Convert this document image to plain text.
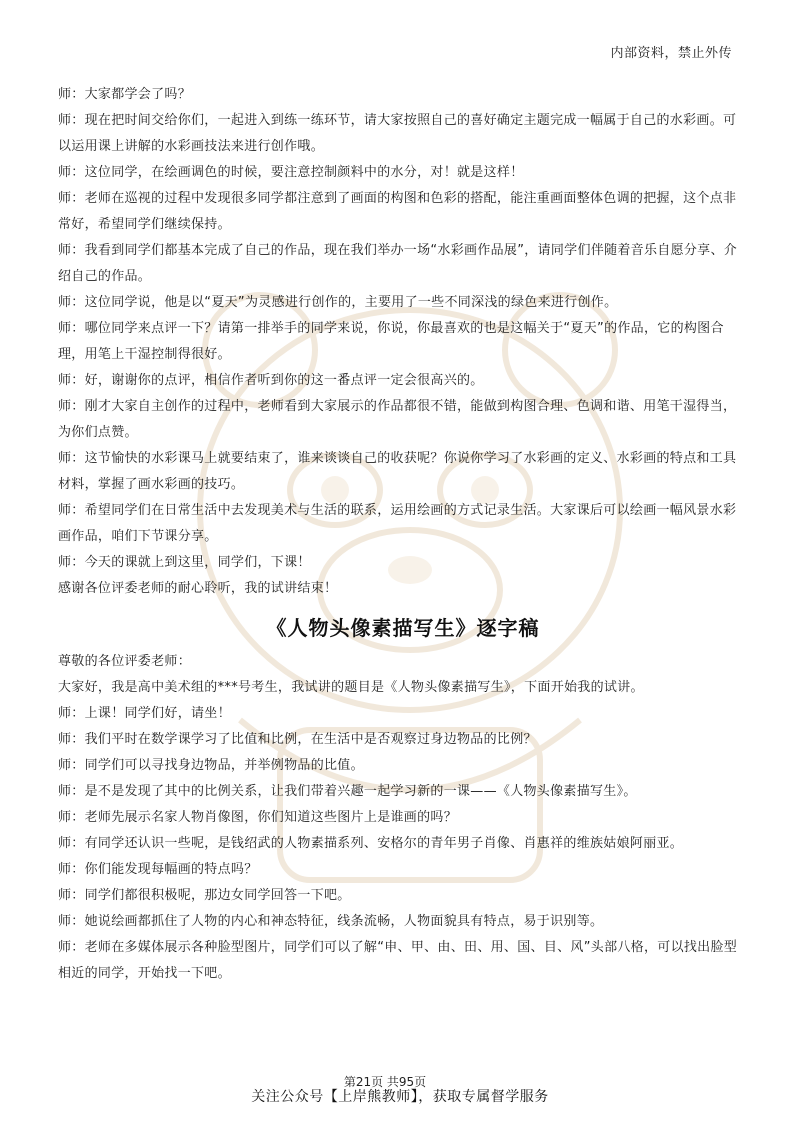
内部资料，禁止外传

师：大家都学会了吗？

师：现在把时间交给你们，一起进入到练一练环节，请大家按照自己的喜好确定主题完成一幅属于自己的水彩画。可以运用课上讲解的水彩画技法来进行创作哦。

师：这位同学，在绘画调色的时候，要注意控制颜料中的水分，对！就是这样！

师：老师在巡视的过程中发现很多同学都注意到了画面的构图和色彩的搭配，能注重画面整体色调的把握，这个点非常好，希望同学们继续保持。

师：我看到同学们都基本完成了自己的作品，现在我们举办一场“水彩画作品展”，请同学们伴随着音乐自愿分享、介绍自己的作品。

师：这位同学说，他是以“夏天”为灵感进行创作的，主要用了一些不同深浅的绿色来进行创作。

师：哪位同学来点评一下？请第一排举手的同学来说，你说，你最喜欢的也是这幅关于“夏天”的作品，它的构图合理，用笔上干湿控制得很好。

师：好，谢谢你的点评，相信作者听到你的这一番点评一定会很高兴的。

师：刚才大家自主创作的过程中，老师看到大家展示的作品都很不错，能做到构图合理、色调和谐、用笔干湿得当，为你们点赞。

师：这节愉快的水彩课马上就要结束了，谁来谈谈自己的收获呢？你说你学习了水彩画的定义、水彩画的特点和工具材料，掌握了画水彩画的技巧。

师：希望同学们在日常生活中去发现美术与生活的联系，运用绘画的方式记录生活。大家课后可以绘画一幅风景水彩画作品，咱们下节课分享。

师：今天的课就上到这里，同学们，下课！

感谢各位评委老师的耐心聆听，我的试讲结束！

《人物头像素描写生》逐字稿

尊敬的各位评委老师：

大家好，我是高中美术组的***号考生，我试讲的题目是《人物头像素描写生》，下面开始我的试讲。

师：上课！同学们好，请坐！

师：我们平时在数学课学习了比值和比例，在生活中是否观察过身边物品的比例？

师：同学们可以寻找身边物品，并举例物品的比值。

师：是不是发现了其中的比例关系，让我们带着兴趣一起学习新的一课——《人物头像素描写生》。

师：老师先展示名家人物肖像图，你们知道这些图片上是谁画的吗？

师：有同学还认识一些呢，是钱绍武的人物素描系列、安格尔的青年男子肖像、肖惠祥的维族姑娘阿丽亚。

师：你们能发现每幅画的特点吗？

师：同学们都很积极呢，那边女同学回答一下吧。

师：她说绘画都抓住了人物的内心和神态特征，线条流畅，人物面貌具有特点，易于识别等。

师：老师在多媒体展示各种脸型图片，同学们可以了解“申、甲、由、田、用、国、目、风”头部八格，可以找出脸型相近的同学，开始找一下吧。

第21页 共95页
关注公众号【上岸熊教师】，获取专属督学服务
